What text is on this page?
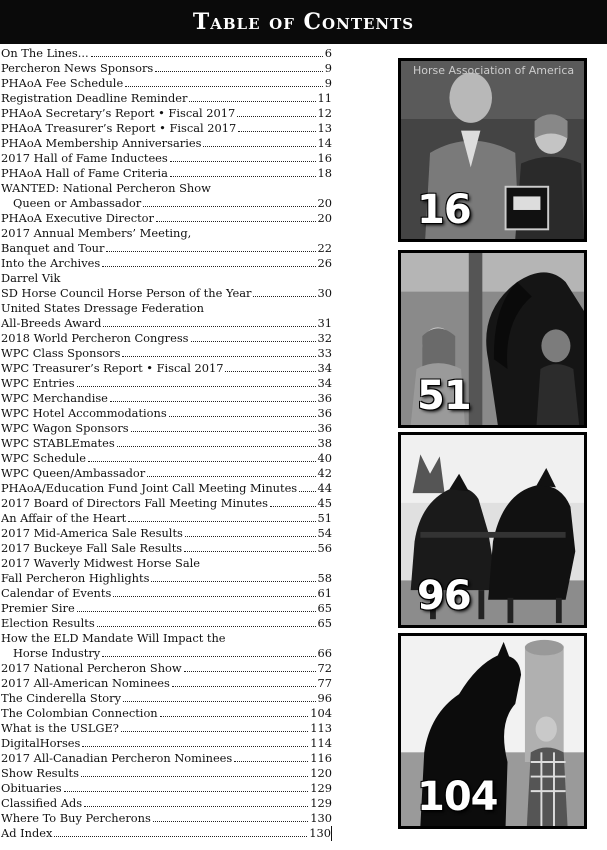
Table of Contents
On The Lines...	6
Percheron News Sponsors	9
PHAoA Fee Schedule	9
Registration Deadline Reminder	11
PHAoA Secretary’s Report • Fiscal 2017	12
PHAoA Treasurer’s Report • Fiscal 2017	13
PHAoA Membership Anniversaries	14
2017 Hall of Fame Inductees	16
PHAoA Hall of Fame Criteria	18
WANTED: National Percheron Show
Queen or Ambassador	20
PHAoA Executive Director	20
2017 Annual Members’ Meeting,
Banquet and Tour	22
Into the Archives	26
Darrel Vik
SD Horse Council Horse Person of the Year	30
United States Dressage Federation
All-Breeds Award	31
2018 World Percheron Congress	32
WPC Class Sponsors	33
WPC Treasurer’s Report • Fiscal 2017	34
WPC Entries	34
WPC Merchandise	36
WPC Hotel Accommodations	36
WPC Wagon Sponsors	36
WPC STABLEmates	38
WPC Schedule	40
WPC Queen/Ambassador	42
PHAoA/Education Fund Joint Call Meeting Minutes 44
2017 Board of Directors Fall Meeting Minutes	45
An Affair of the Heart	51
2017 Mid-America Sale Results	54
2017 Buckeye Fall Sale Results	56
2017 Waverly Midwest Horse Sale
Fall Percheron Highlights	58
Calendar of Events	61
Premier Sire	65
Election Results	65
How the ELD Mandate Will Impact the
Horse Industry	66
2017 National Percheron Show	72
2017 All-American Nominees	77
The Cinderella Story	96
The Colombian Connection	104
What is the USLGE?	113
DigitalHorses	114
2017 All-Canadian Percheron Nominees	116
Show Results	120
Obituaries	129
Classified Ads	129
Where To Buy Percherons	130
Ad Index	130
Horse Association of America
16
51
96
104
